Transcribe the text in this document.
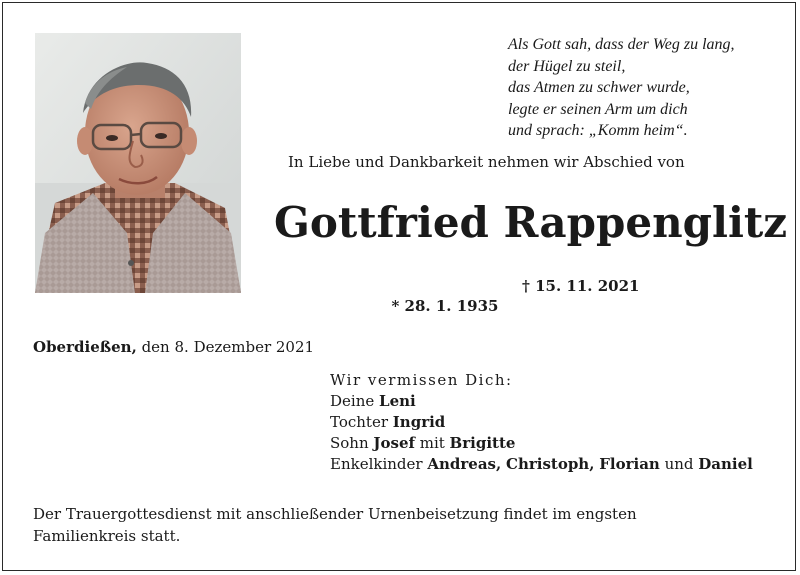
Als Gott sah, dass der Weg zu lang,
der Hügel zu steil,
das Atmen zu schwer wurde,
legte er seinen Arm um dich
und sprach: „Komm heim“.
In Liebe und Dankbarkeit nehmen wir Abschied von
Gottfried Rappenglitz

* 28. 1. 1935

† 15. 11. 2021

Oberdießen, den 8. Dezember 2021
Wir vermissen Dich:
Deine Leni
Tochter Ingrid
Sohn Josef mit Brigitte
Enkelkinder Andreas, Christoph, Florian und Daniel
Der Trauergottesdienst mit anschließender Urnenbeisetzung findet im engsten Familienkreis statt.
